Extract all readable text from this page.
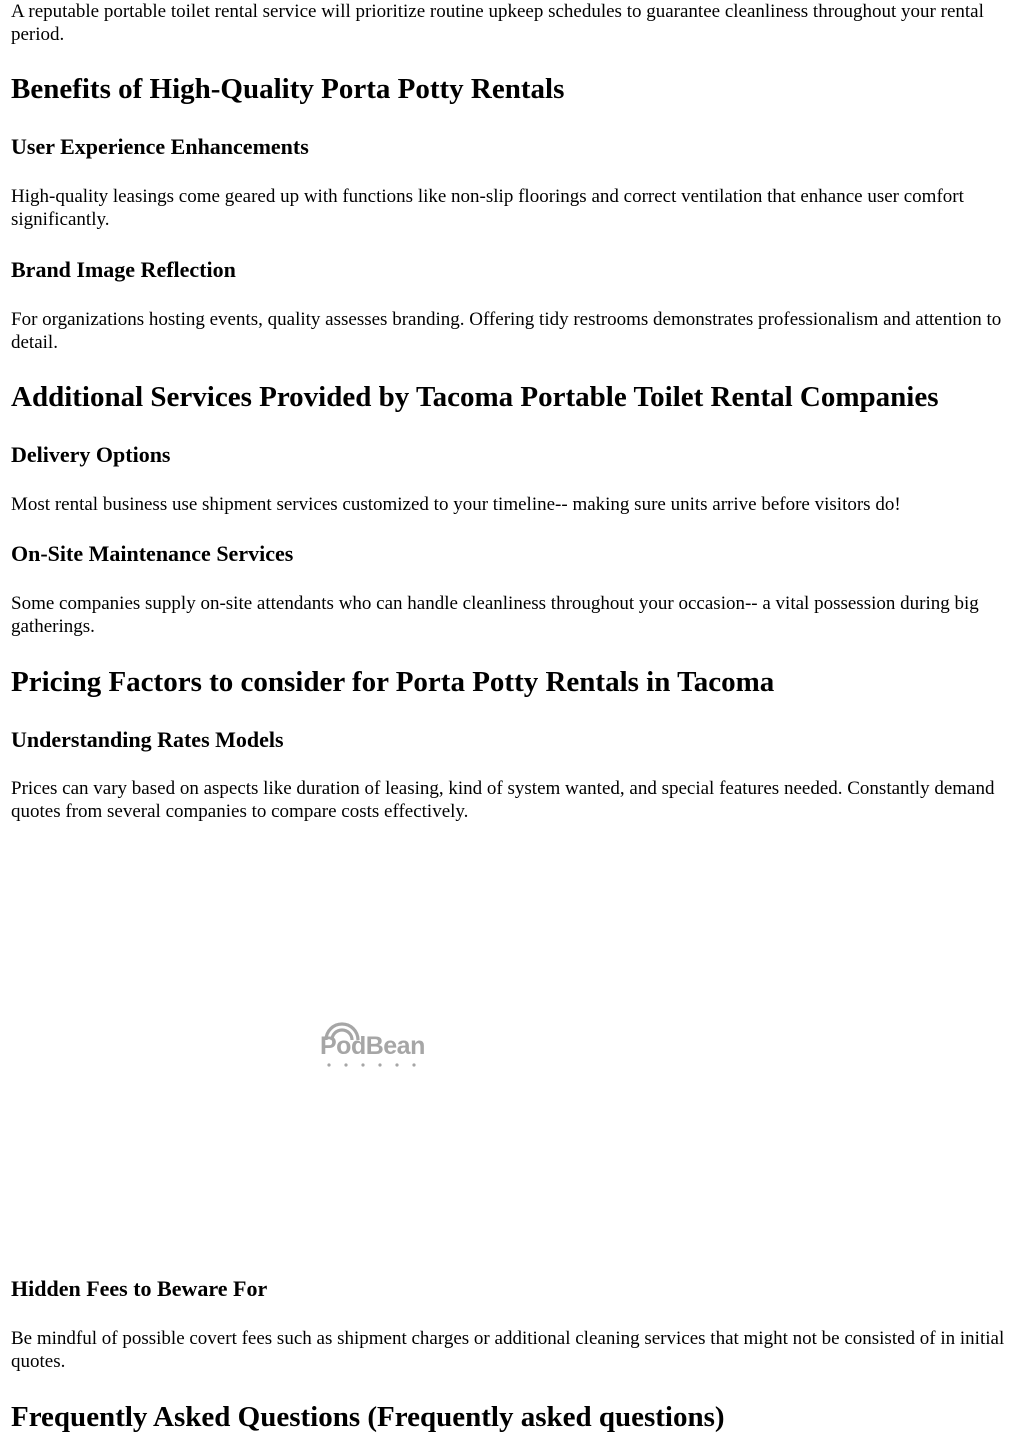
A reputable portable toilet rental service will prioritize routine upkeep schedules to guarantee cleanliness throughout your rental period.

Benefits of High-Quality Porta Potty Rentals
User Experience Enhancements

High-quality leasings come geared up with functions like non-slip floorings and correct ventilation that enhance user comfort significantly.

Brand Image Reflection

For organizations hosting events, quality assesses branding. Offering tidy restrooms demonstrates professionalism and attention to detail.

Additional Services Provided by Tacoma Portable Toilet Rental Companies
Delivery Options

Most rental business use shipment services customized to your timeline-- making sure units arrive before visitors do!

On-Site Maintenance Services

Some companies supply on-site attendants who can handle cleanliness throughout your occasion-- a vital possession during big gatherings.

Pricing Factors to consider for Porta Potty Rentals in Tacoma
Understanding Rates Models

Prices can vary based on aspects like duration of leasing, kind of system wanted, and special features needed. Constantly demand quotes from several companies to compare costs effectively.

PodBean
Hidden Fees to Beware For

Be mindful of possible covert fees such as shipment charges or additional cleaning services that might not be consisted of in initial quotes.

Frequently Asked Questions (Frequently asked questions)
